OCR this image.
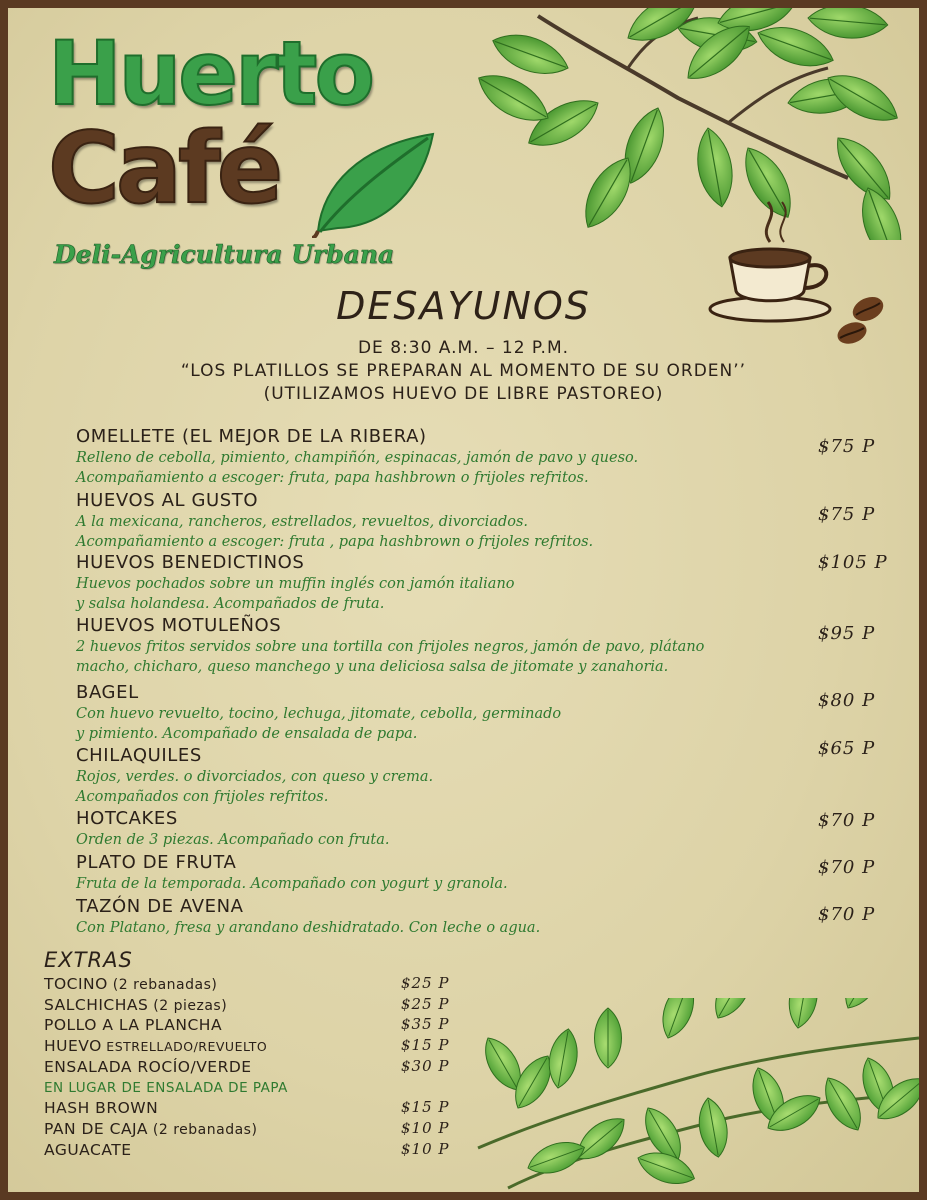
Huerto
Café
Deli-Agricultura Urbana
DESAYUNOS
DE 8:30 A.M. – 12 P.M.
“LOS PLATILLOS SE PREPARAN AL MOMENTO DE SU ORDEN’’
(UTILIZAMOS HUEVO DE LIBRE PASTOREO)

OMELLETE (EL MEJOR DE LA RIBERA)

Relleno de cebolla, pimiento, champiñón, espinacas, jamón de pavo y queso.
Acompañamiento a escoger: fruta, papa hashbrown o frijoles refritos.

$75 P

HUEVOS AL GUSTO

A la mexicana, rancheros, estrellados, revueltos, divorciados.
Acompañamiento a escoger: fruta , papa hashbrown o frijoles refritos.

$75 P

HUEVOS BENEDICTINOS

Huevos pochados sobre un muffin inglés con jamón italiano
y salsa holandesa. Acompañados de fruta.

$105 P

HUEVOS MOTULEÑOS

2 huevos fritos servidos sobre una tortilla con frijoles negros, jamón de pavo, plátano
macho, chicharo, queso manchego y una deliciosa salsa de jitomate y zanahoria.

$95 P

BAGEL

Con huevo revuelto, tocino, lechuga, jitomate, cebolla, germinado
y pimiento. Acompañado de ensalada de papa.

$80 P

CHILAQUILES

Rojos, verdes. o divorciados, con queso y crema.
Acompañados con frijoles refritos.

$65 P

HOTCAKES

Orden de 3 piezas. Acompañado con fruta.

$70 P

PLATO DE FRUTA

Fruta de la temporada. Acompañado con yogurt y granola.

$70 P

TAZÓN DE AVENA

Con Platano, fresa y arandano deshidratado. Con leche o agua.

$70 P
EXTRAS
TOCINO (2 rebanadas)	$25 P
SALCHICHAS (2 piezas)	$25 P
POLLO A LA PLANCHA	$35 P
HUEVO ESTRELLADO/REVUELTO	$15 P
ENSALADA ROCÍO/VERDE	$30 P
EN LUGAR DE ENSALADA DE PAPA
HASH BROWN	$15 P
PAN DE CAJA (2 rebanadas)	$10 P
AGUACATE	$10 P
